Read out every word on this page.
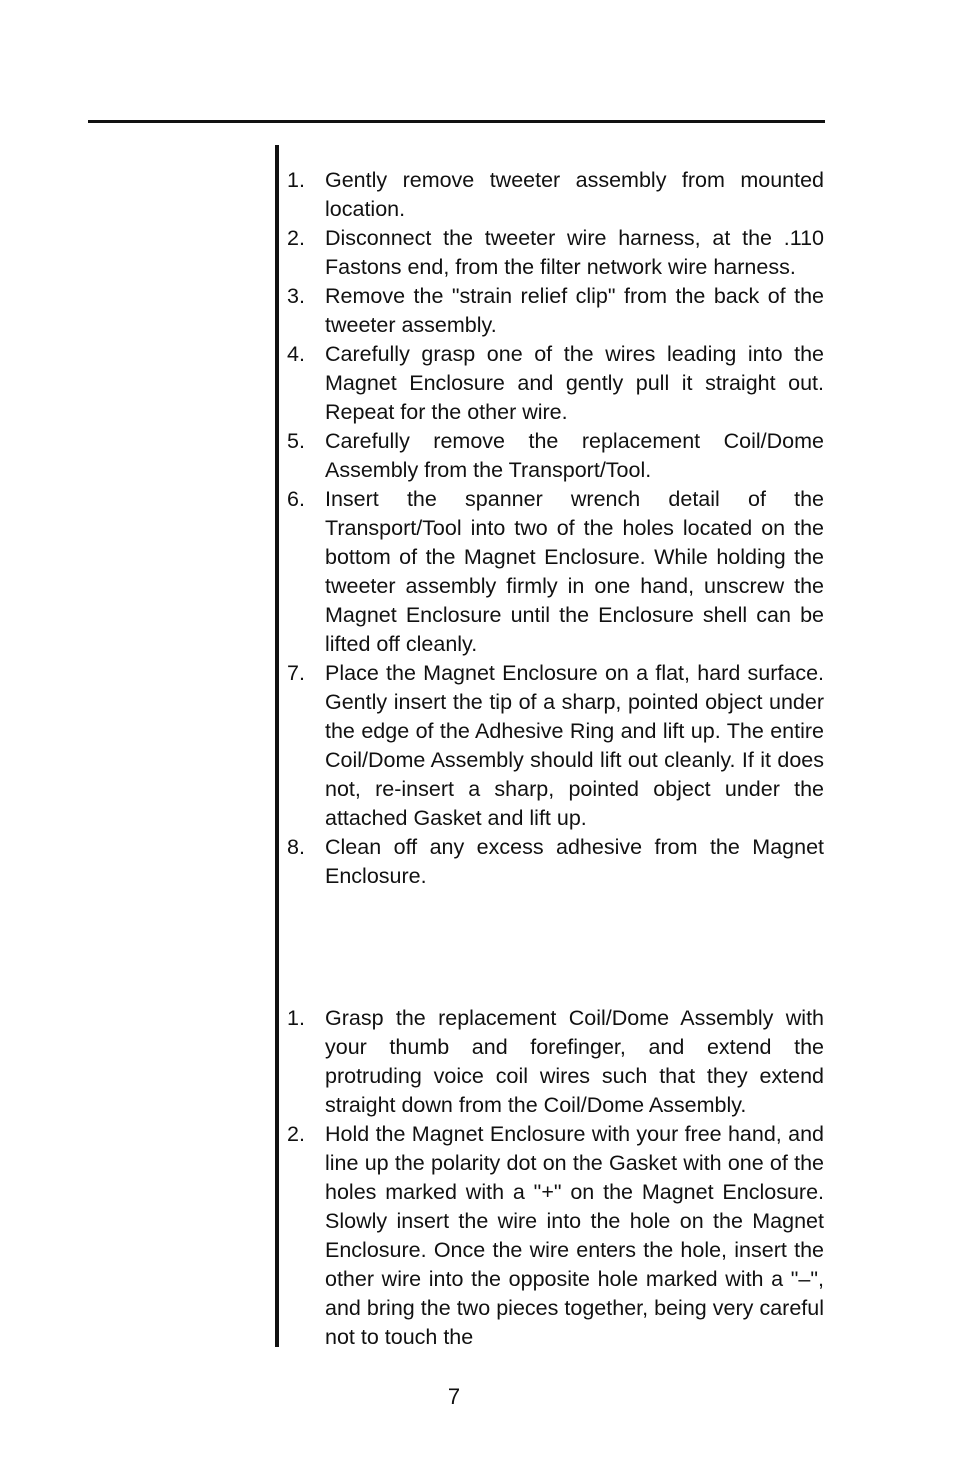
1. Gently remove tweeter assembly from mounted location.
2. Disconnect the tweeter wire harness, at the .110 Fastons end, from the filter network wire harness.
3. Remove the "strain relief clip" from the back of the tweeter assembly.
4. Carefully grasp one of the wires leading into the Magnet Enclosure and gently pull it straight out. Repeat for the other wire.
5. Carefully remove the replacement Coil/Dome Assembly from the Transport/Tool.
6. Insert the spanner wrench detail of the Transport/Tool into two of the holes located on the bottom of the Magnet Enclosure. While holding the tweeter assembly firmly in one hand, unscrew the Magnet Enclosure until the Enclosure shell can be lifted off cleanly.
7. Place the Magnet Enclosure on a flat, hard surface. Gently insert the tip of a sharp, pointed object under the edge of the Adhesive Ring and lift up. The entire Coil/Dome Assembly should lift out cleanly. If it does not, re-insert a sharp, pointed object under the attached Gasket and lift up.
8. Clean off any excess adhesive from the Magnet Enclosure.
1. Grasp the replacement Coil/Dome Assembly with your thumb and forefinger, and extend the protruding voice coil wires such that they extend straight down from the Coil/Dome Assembly.
2. Hold the Magnet Enclosure with your free hand, and line up the polarity dot on the Gasket with one of the holes marked with a "+" on the Magnet Enclosure. Slowly insert the wire into the hole on the Magnet Enclosure. Once the wire enters the hole, insert the other wire into the opposite hole marked with a "–", and bring the two pieces together, being very careful not to touch the
7
